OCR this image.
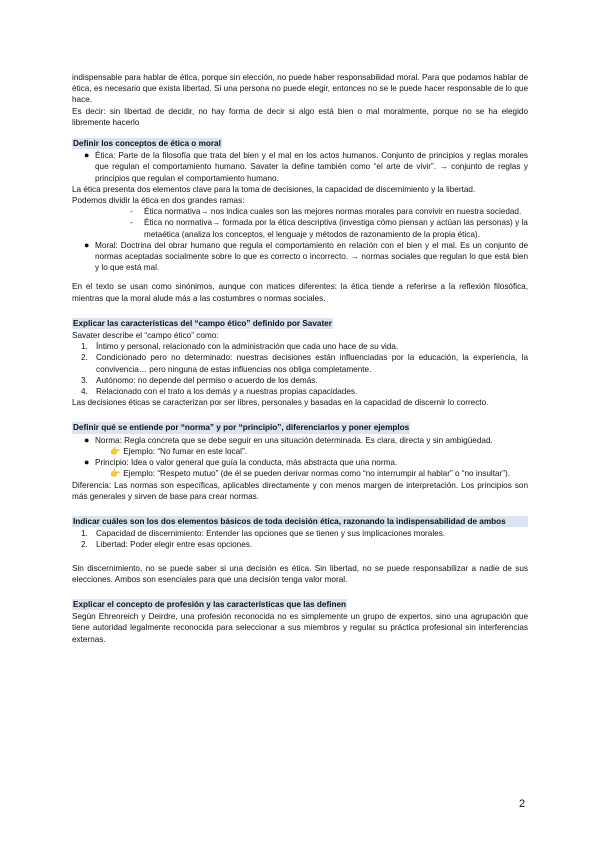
indispensable para hablar de ética, porque sin elección, no puede haber responsabilidad moral. Para que podamos hablar de ética, es necesario que exista libertad. Si una persona no puede elegir, entonces no se le puede hacer responsable de lo que hace.

Es decir: sin libertad de decidir, no hay forma de decir si algo está bien o mal moralmente, porque no se ha elegido libremente hacerlo

Definir los conceptos de ética o moral
● Ética: Parte de la filosofía que trata del bien y el mal en los actos humanos. Conjunto de principios y reglas morales que regulan el comportamiento humano. Savater la define también como “el arte de vivir”. → conjunto de reglas y principios que regulan el comportamiento humano.

La ética presenta dos elementos clave para la toma de decisiones, la capacidad de discernimiento y la libertad.

Podemos dividir la ética en dos grandes ramas:

- Ética normativa→ nos indica cuales son las mejores normas morales para convivir en nuestra sociedad.
- Ética no normativa→ formada por la ética descriptiva (investiga cómo piensan y actúan las personas) y la metaética (analiza los conceptos, el lenguaje y métodos de razonamiento de la propia ética).
● Moral: Doctrina del obrar humano que regula el comportamiento en relación con el bien y el mal. Es un conjunto de normas aceptadas socialmente sobre lo que es correcto o incorrecto. → normas sociales que regulan lo que está bien y lo que está mal.

En el texto se usan como sinónimos, aunque con matices diferentes: la ética tiende a referirse a la reflexión filosófica, mientras que la moral alude más a las costumbres o normas sociales.

Explicar las características del “campo ético” definido por Savater

Savater describe el “campo ético” como:

1. Íntimo y personal, relacionado con la administración que cada uno hace de su vida.
2. Condicionado pero no determinado: nuestras decisiones están influenciadas por la educación, la experiencia, la convivencia… pero ninguna de estas influencias nos obliga completamente.
3. Autónomo: no depende del permiso o acuerdo de los demás.
4. Relacionado con el trato a los demás y a nuestras propias capacidades.

Las decisiones éticas se caracterizan por ser libres, personales y basadas en la capacidad de discernir lo correcto.

Definir qué se entiende por “norma” y por “principio”, diferenciarlos y poner ejemplos
● Norma: Regla concreta que se debe seguir en una situación determinada. Es clara, directa y sin ambigüedad.
👉 Ejemplo: “No fumar en este local”.
● Principio: Idea o valor general que guía la conducta, más abstracta que una norma.
👉 Ejemplo: “Respeto mutuo” (de él se pueden derivar normas como “no interrumpir al hablar” o “no insultar”).

Diferencia: Las normas son específicas, aplicables directamente y con menos margen de interpretación. Los principios son más generales y sirven de base para crear normas.

Indicar cuáles son los dos elementos básicos de toda decisión ética, razonando la indispensabilidad de ambos
1. Capacidad de discernimiento: Entender las opciones que se tienen y sus implicaciones morales.
2. Libertad: Poder elegir entre esas opciones.

Sin discernimiento, no se puede saber si una decisión es ética. Sin libertad, no se puede responsabilizar a nadie de sus elecciones. Ambos son esenciales para que una decisión tenga valor moral.

Explicar el concepto de profesión y las características que las definen

Según Ehrenreich y Deirdre, una profesión reconocida no es simplemente un grupo de expertos, sino una agrupación que tiene autoridad legalmente reconocida para seleccionar a sus miembros y regular su práctica profesional sin interferencias externas.

2
